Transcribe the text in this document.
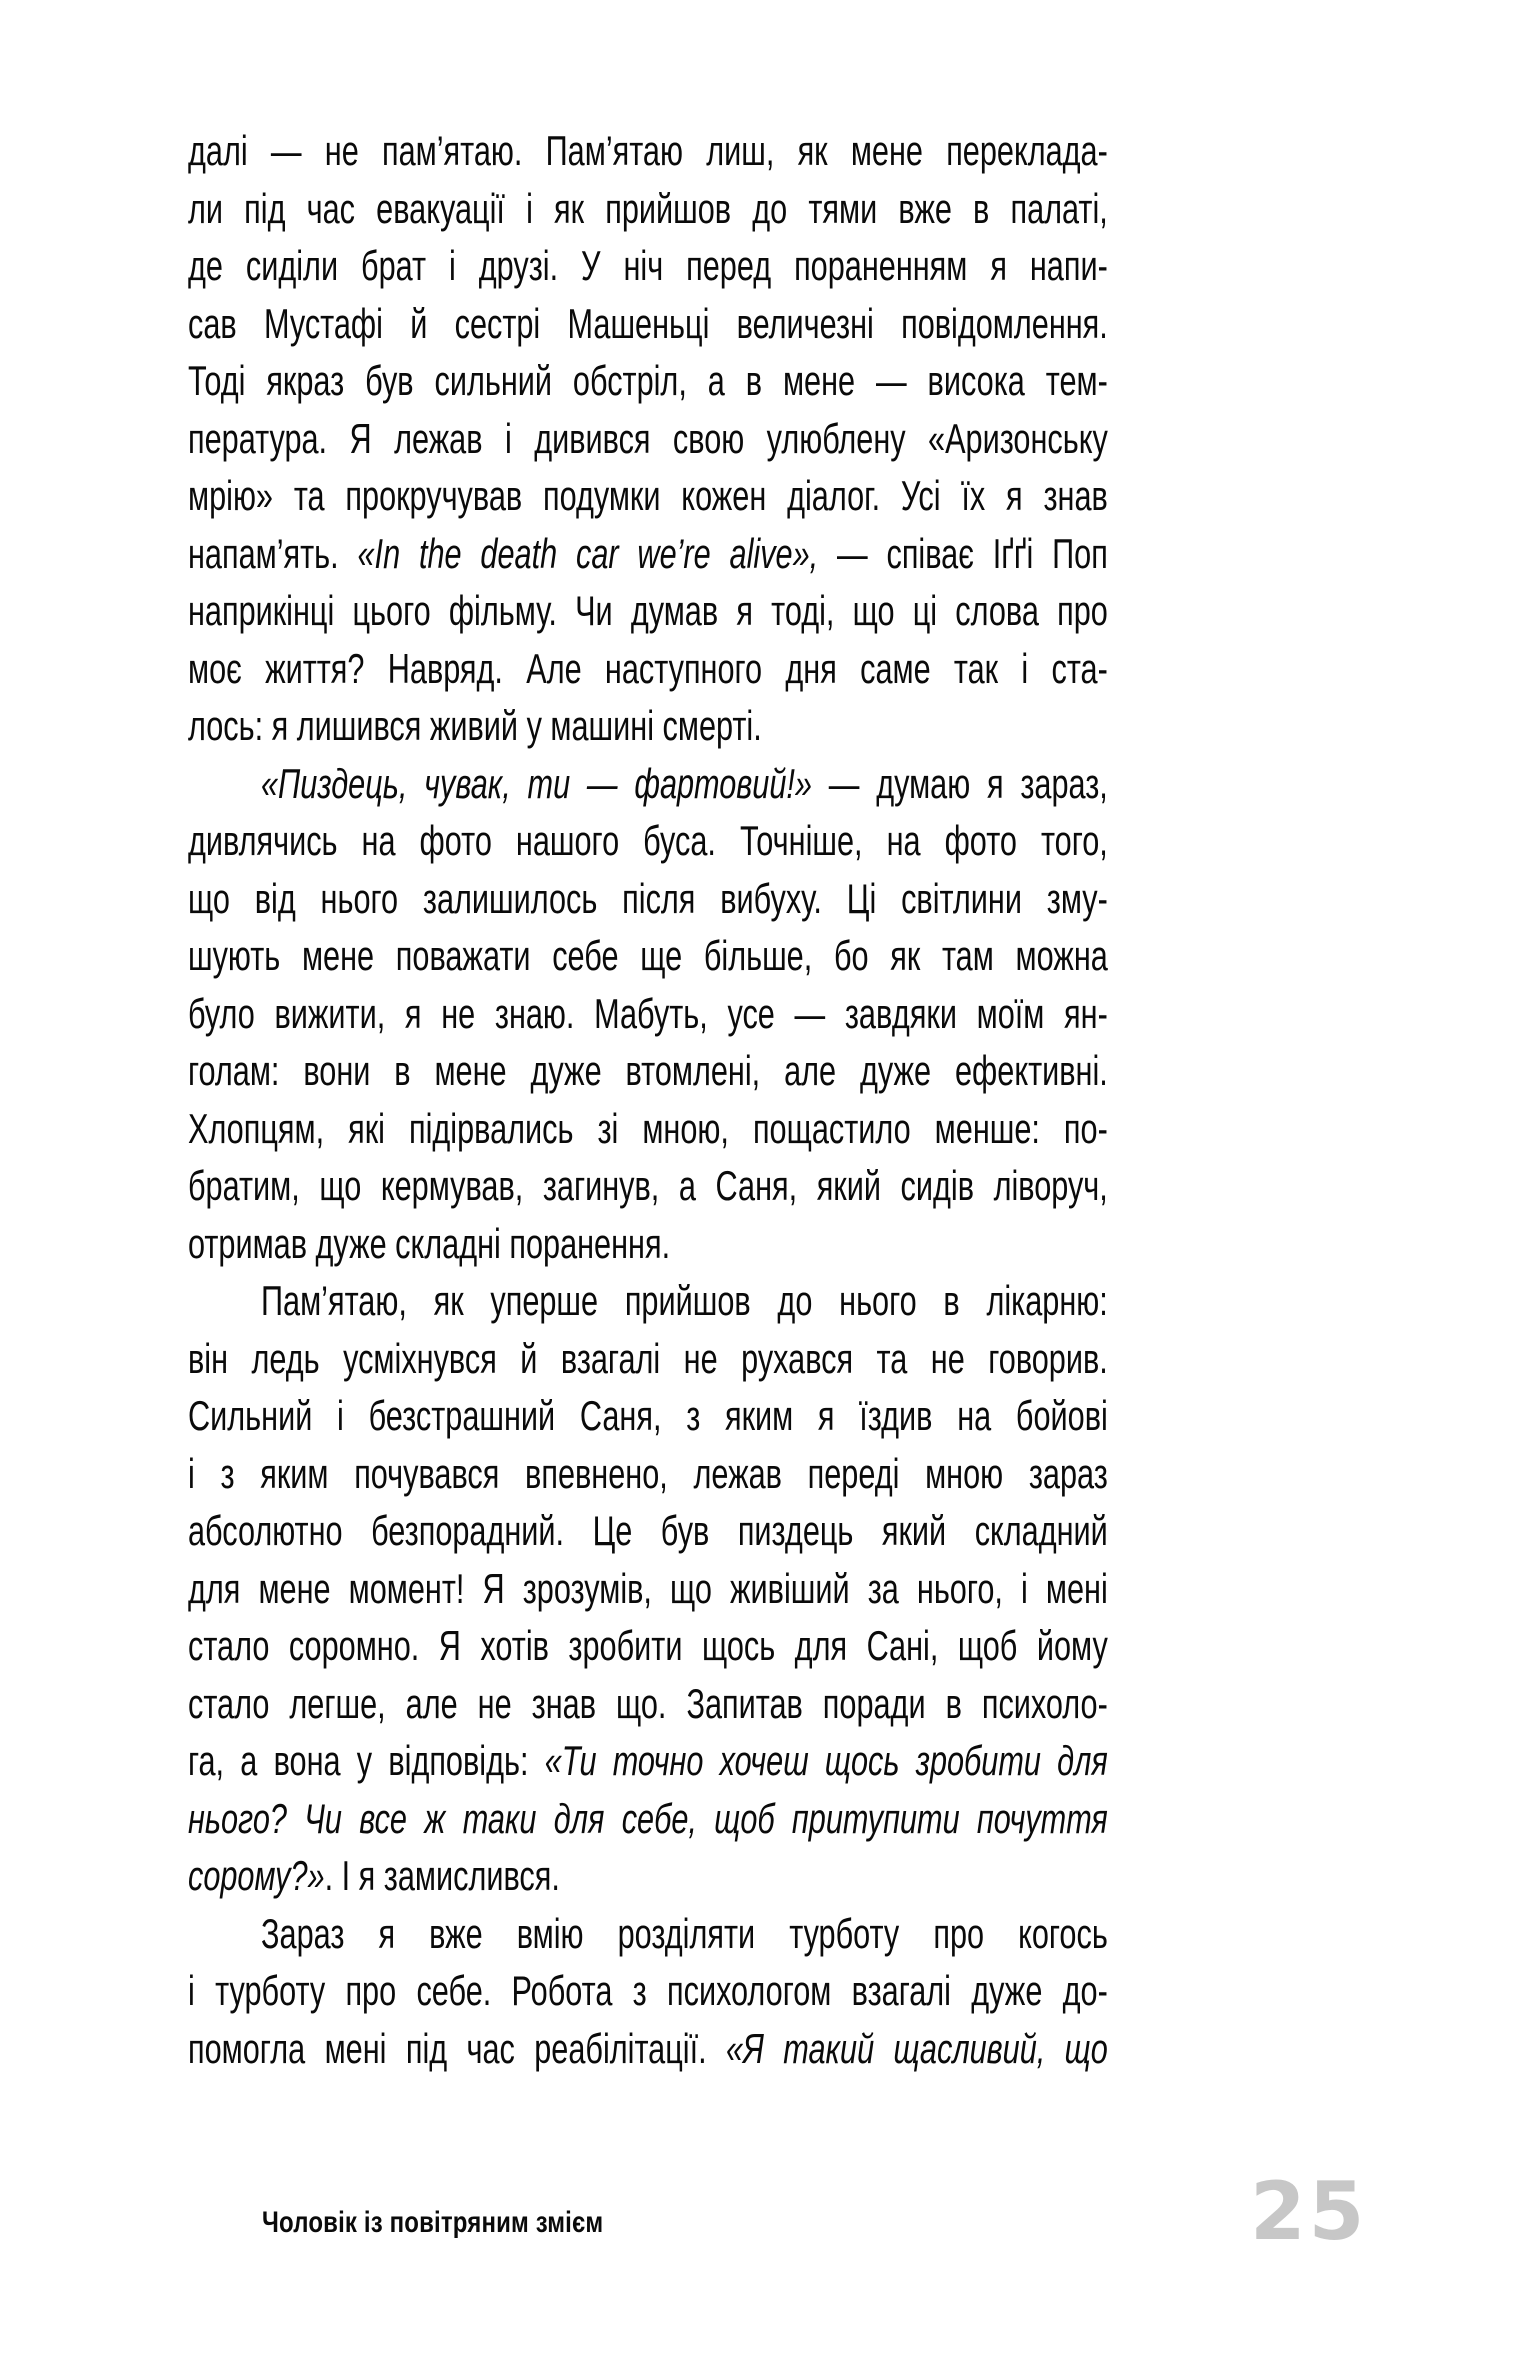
далі — не пам’ятаю. Пам’ятаю лиш, як мене переклада-
ли під час евакуації і як прийшов до тями вже в палаті,
де сиділи брат і друзі. У ніч перед пораненням я напи-
сав Мустафі й сестрі Машеньці величезні повідомлення.
Тоді якраз був сильний обстріл, а в мене — висока тем-
пература. Я лежав і дивився свою улюблену «Аризонську
мрію» та прокручував подумки кожен діалог. Усі їх я знав
напам’ять. «In the death car we’re alive», — співає Іґґі Поп
наприкінці цього фільму. Чи думав я тоді, що ці слова про
моє життя? Навряд. Але наступного дня саме так і ста-
лось: я лишився живий у машині смерті.
«Пиздець, чувак, ти — фартовий!» — думаю я зараз,
дивлячись на фото нашого буса. Точніше, на фото того,
що від нього залишилось після вибуху. Ці світлини зму-
шують мене поважати себе ще більше, бо як там можна
було вижити, я не знаю. Мабуть, усе — завдяки моїм ян-
голам: вони в мене дуже втомлені, але дуже ефективні.
Хлопцям, які підірвались зі мною, пощастило менше: по-
братим, що кермував, загинув, а Саня, який сидів ліворуч,
отримав дуже складні поранення.
Пам’ятаю, як уперше прийшов до нього в лікарню:
він ледь усміхнувся й взагалі не рухався та не говорив.
Сильний і безстрашний Саня, з яким я їздив на бойові
і з яким почувався впевнено, лежав переді мною зараз
абсолютно безпорадний. Це був пиздець який складний
для мене момент! Я зрозумів, що живіший за нього, і мені
стало соромно. Я хотів зробити щось для Сані, щоб йому
стало легше, але не знав що. Запитав поради в психоло-
га, а вона у відповідь: «Ти точно хочеш щось зробити для
нього? Чи все ж таки для себе, щоб притупити почуття
сорому?». І я замислився.
Зараз я вже вмію розділяти турботу про когось
і турботу про себе. Робота з психологом взагалі дуже до-
помогла мені під час реабілітації. «Я такий щасливий, що
Чоловік із повітряним змієм	25
